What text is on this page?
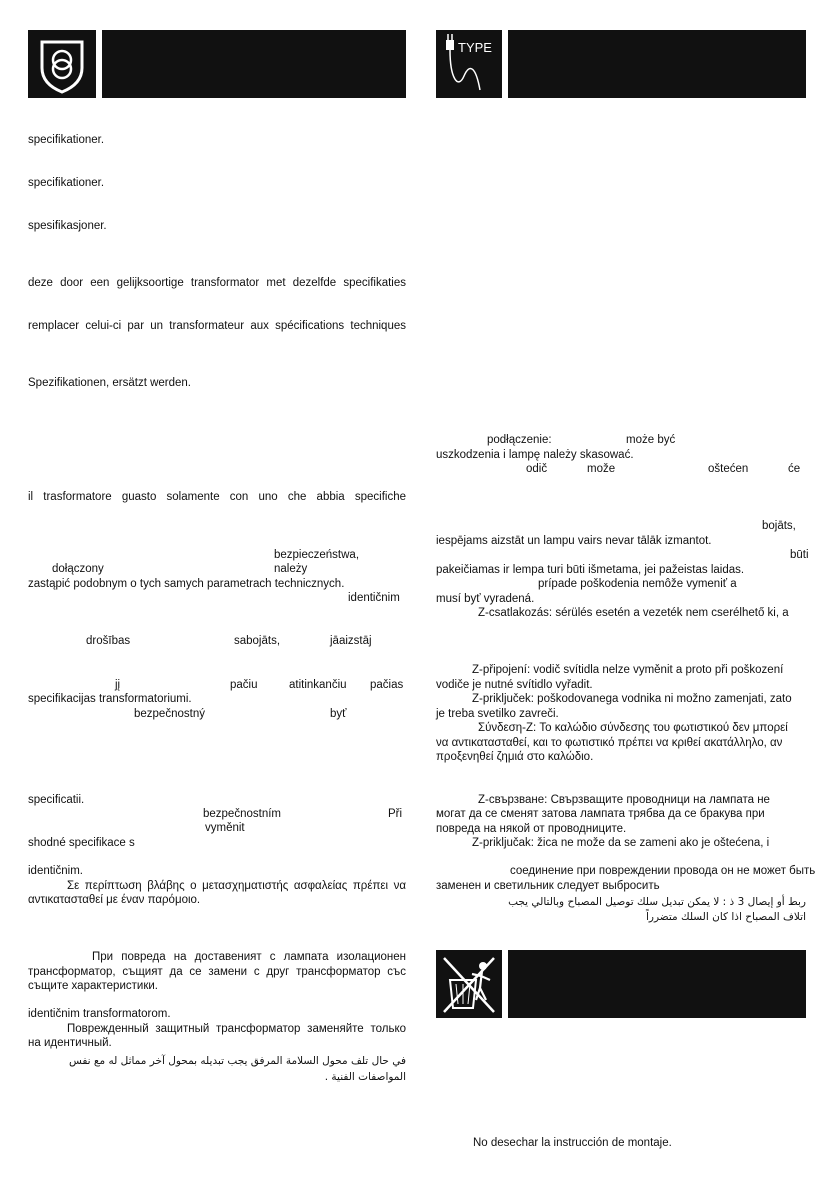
TYPE
specifikationer.
specifikationer.
spesifikasjoner.
deze door een gelijksoortige transformator met dezelfde specifikaties
remplacer celui-ci par un transformateur aux spécifications techniques
Spezifikationen, ersätzt werden.
il trasformatore guasto solamente con uno che abbia specifiche
bezpieczeństwa,
dołączony	należy
zastąpić podobnym o tych samych parametrach technicznych.
identičnim
drošības	sabojāts,	jāaizstāj
jį	pačiu	atitinkančiu pačias
specifikacijas transformatoriumi.
bezpečnostný	byť
specificatii.
bezpečnostním	Při
vyměnit
shodné specifikace s
identičnim.
Σε περίπτωση βλάβης ο μετασχηματιστής ασφαλείας πρέπει να
αντικατασταθεί με έναν παρόμοιο.
При повреда на доставеният с лампата изолационен
трансформатор, същият да се замени с друг трансформатор със
същите характеристики.
identičnim transformatorom.
Поврежденный защитный трансформатор заменяйте только
на идентичный.
في حال تلف محول السلامة المرفق يجب تبديله بمحول آخر مماثل له مع نفس
المواصفات الفنية .
podłączenie:	może być
uszkodzenia i lampę należy skasować.
odič	može	oštećen	će
bojāts,
iespējams aizstāt un lampu vairs nevar tālāk izmantot.
būti
pakeičiamas ir lempa turi būti išmetama, jei pažeistas laidas.
prípade poškodenia nemôže vymeniť a
musí byť vyradená.
Z-csatlakozás: sérülés esetén a vezeték nem cserélhető ki, a
Z-připojení: vodič svítidla nelze vyměnit a proto při poškození
vodiče je nutné svítidlo vyřadit.
Z-priključek: poškodovanega vodnika ni možno zamenjati, zato
je treba svetilko zavreči.
Σύνδεση-Z: Το καλώδιο σύνδεσης του φωτιστικού δεν μπορεί
να αντικατασταθεί, και το φωτιστικό πρέπει να κριθεί ακατάλληλο, αν
προξενηθεί ζημιά στο καλώδιο.
Z-свързване: Свързващите проводници на лампата не
могат да се сменят затова лампата трябва да се бракува при
повреда на някой от проводниците.
Z-priključak: žica ne može da se zameni ako je oštećena, i
соединение при повреждении провода он не может быть
заменен и светильник следует выбросить
ربط أو إيصال 3 ذ : لا يمكن تبديل سلك توصيل المصباح وبالتالي يجب
اتلاف المصباح اذا كان السلك متضرراً
No desechar la instrucción de montaje.
